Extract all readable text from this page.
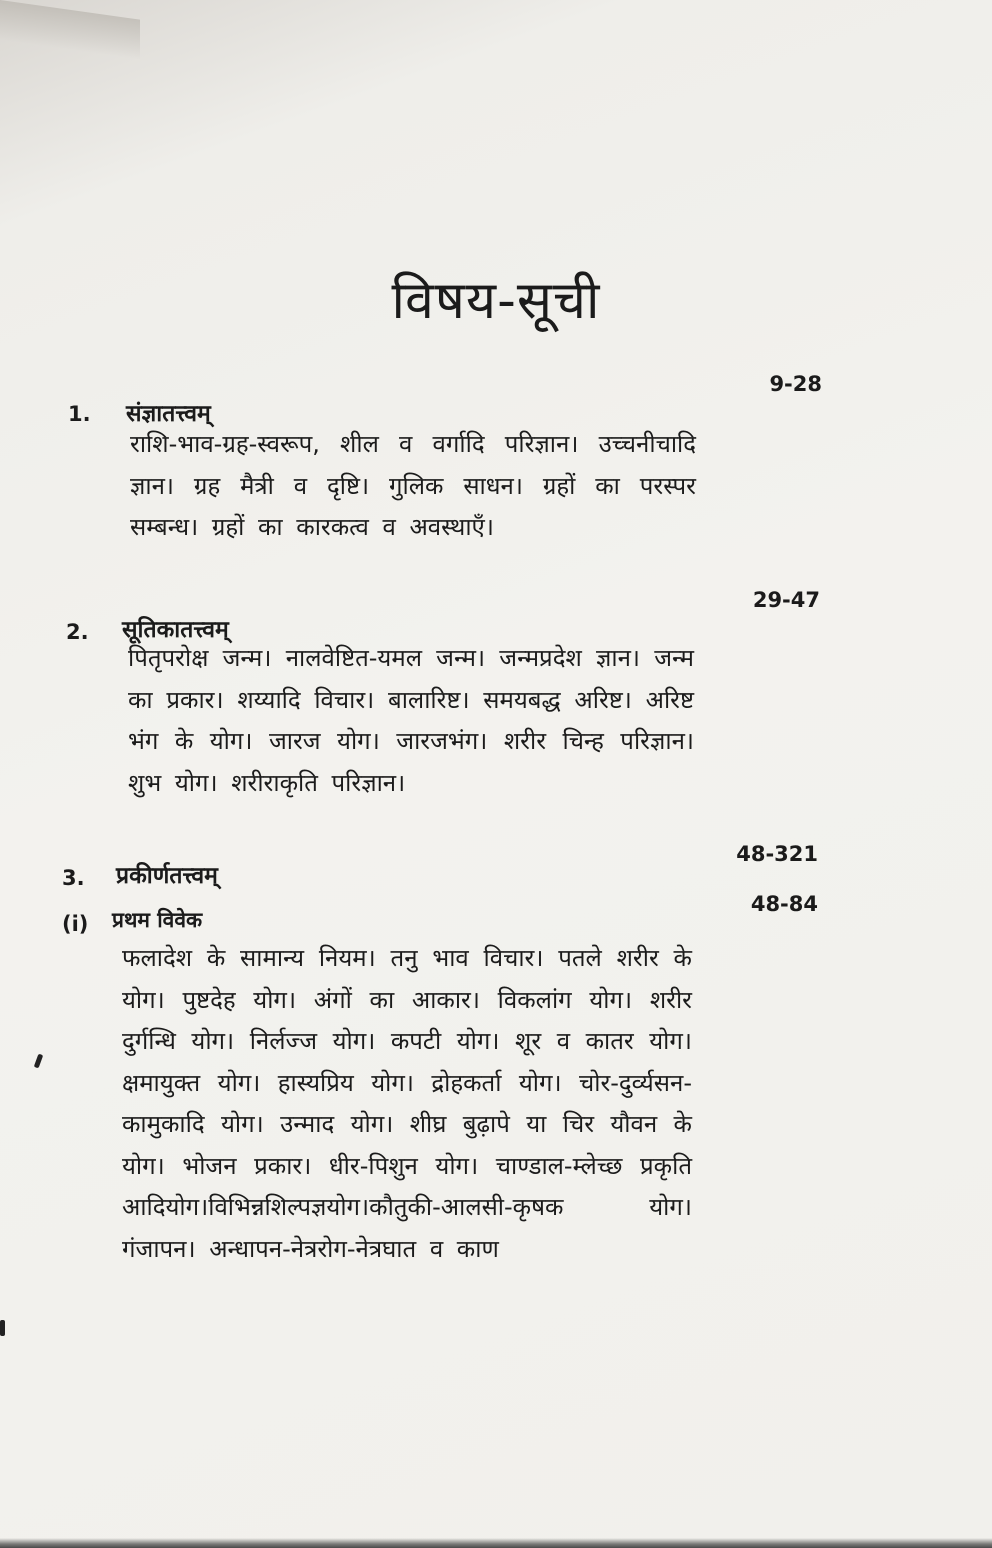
विषय-सूची
9-28
1. संज्ञातत्त्वम्
राशि-भाव-ग्रह-स्वरूप, शील व वर्गादि परिज्ञान। उच्चनीचादि ज्ञान। ग्रह मैत्री व दृष्टि। गुलिक साधन। ग्रहों का परस्पर सम्बन्ध। ग्रहों का कारकत्व व अवस्थाएँ।
29-47
2. सूतिकातत्त्वम्
पितृपरोक्ष जन्म। नालवेष्टित-यमल जन्म। जन्मप्रदेश ज्ञान। जन्म का प्रकार। शय्यादि विचार। बालारिष्ट। समयबद्ध अरिष्ट। अरिष्ट भंग के योग। जारज योग। जारजभंग। शरीर चिन्ह परिज्ञान। शुभ योग। शरीराकृति परिज्ञान।
48-321
3. प्रकीर्णतत्त्वम्
48-84
(i) प्रथम विवेक
फलादेश के सामान्य नियम। तनु भाव विचार। पतले शरीर के योग। पुष्टदेह योग। अंगों का आकार। विकलांग योग। शरीर दुर्गन्धि योग। निर्लज्ज योग। कपटी योग। शूर व कातर योग। क्षमायुक्त योग। हास्यप्रिय योग। द्रोहकर्ता योग। चोर-दुर्व्यसन-कामुकादि योग। उन्माद योग। शीघ्र बुढ़ापे या चिर यौवन के योग। भोजन प्रकार। धीर-पिशुन योग। चाण्डाल-म्लेच्छ प्रकृति आदियोग।विभिन्नशिल्पज्ञयोग।कौतुकी-आलसी-कृषक योग। गंजापन। अन्धापन-नेत्ररोग-नेत्रघात व काण
